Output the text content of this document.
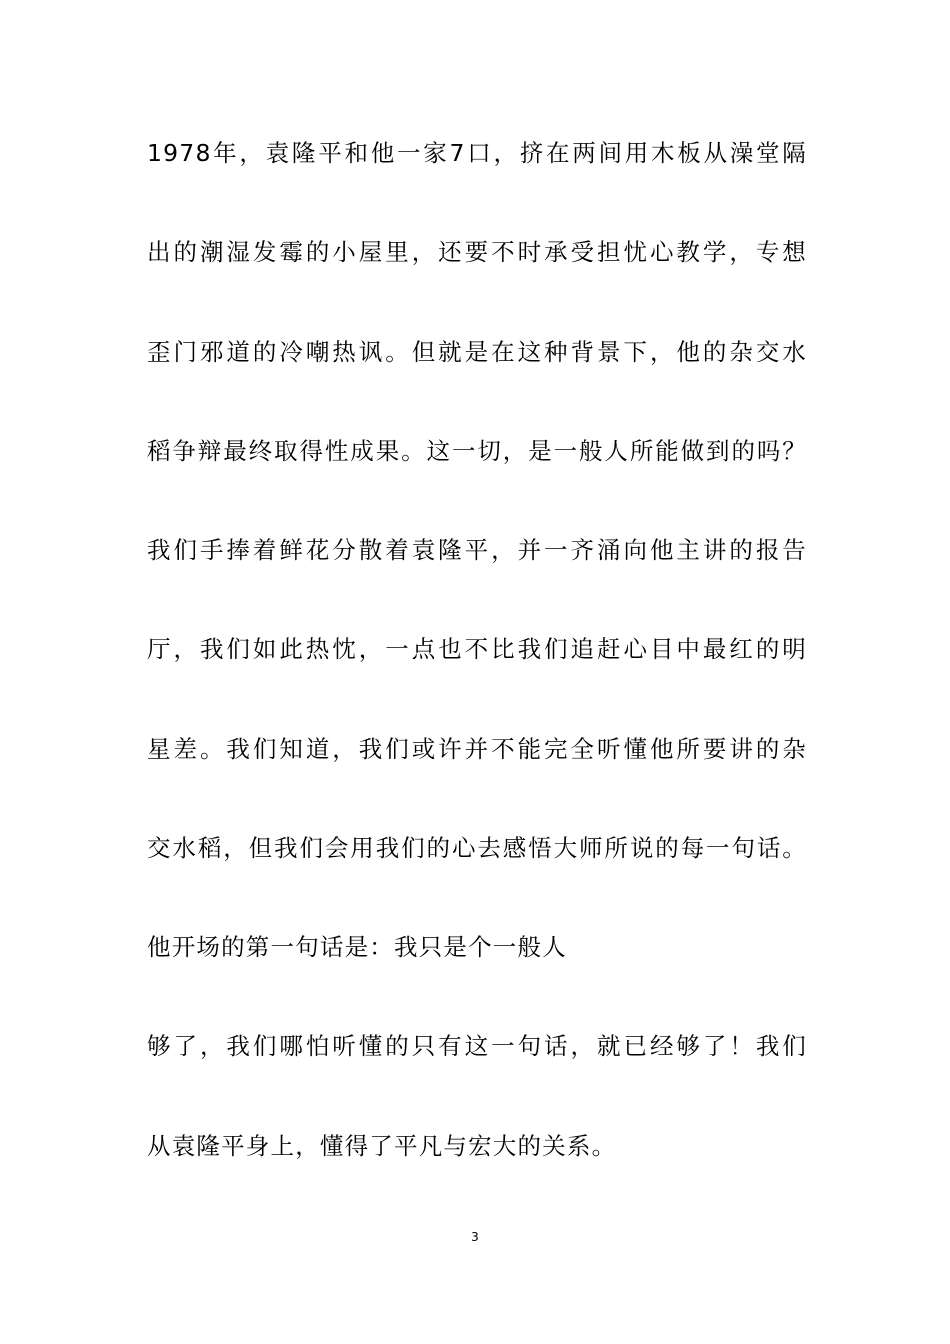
1978年，袁隆平和他一家7口，挤在两间用木板从澡堂隔
出的潮湿发霉的小屋里，还要不时承受担忧心教学，专想
歪门邪道的冷嘲热讽。但就是在这种背景下，他的杂交水
稻争辩最终取得性成果。这一切，是一般人所能做到的吗？
我们手捧着鲜花分散着袁隆平，并一齐涌向他主讲的报告
厅，我们如此热忱，一点也不比我们追赶心目中最红的明
星差。我们知道，我们或许并不能完全听懂他所要讲的杂
交水稻，但我们会用我们的心去感悟大师所说的每一句话。
他开场的第一句话是：我只是个一般人
够了，我们哪怕听懂的只有这一句话，就已经够了！我们
从袁隆平身上，懂得了平凡与宏大的关系。
3
